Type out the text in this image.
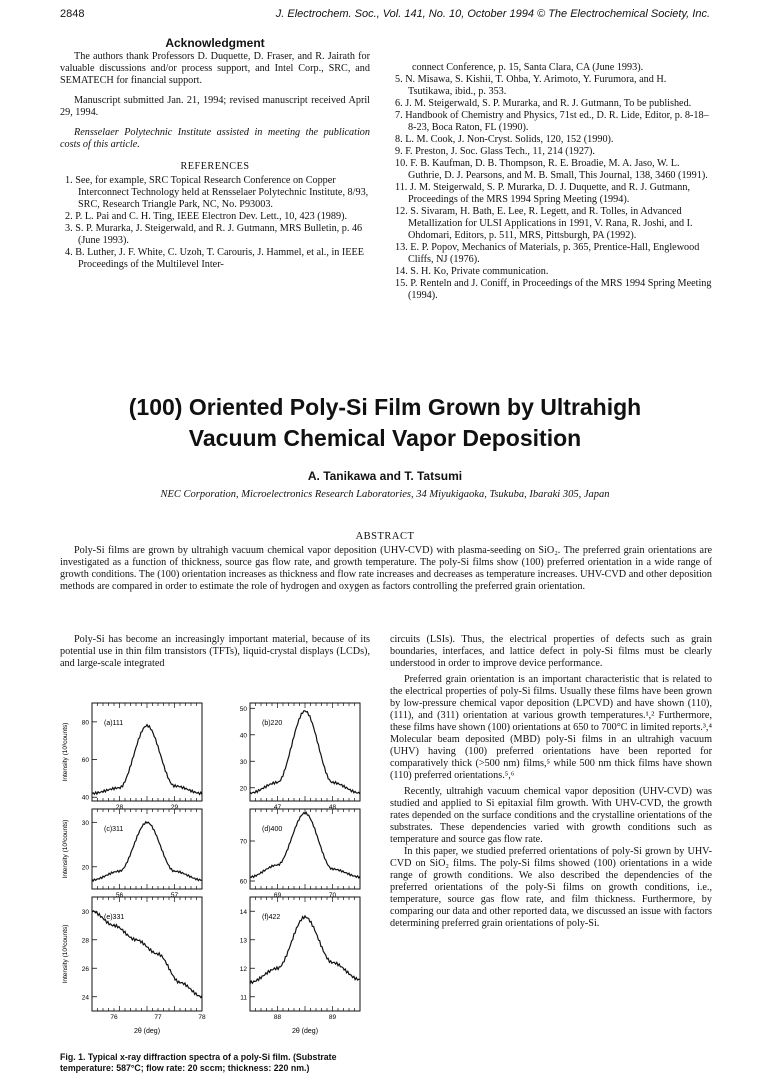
2848	J. Electrochem. Soc., Vol. 141, No. 10, October 1994 © The Electrochemical Society, Inc.
Acknowledgment

The authors thank Professors D. Duquette, D. Fraser, and R. Jairath for valuable discussions and/or process support, and Intel Corp., SRC, and SEMATECH for financial support.

Manuscript submitted Jan. 21, 1994; revised manuscript received April 29, 1994.

Rensselaer Polytechnic Institute assisted in meeting the publication costs of this article.

REFERENCES

1. See, for example, SRC Topical Research Conference on Copper Interconnect Technology held at Rensselaer Polytechnic Institute, 8/93, SRC, Research Triangle Park, NC, No. P93003.

2. P. L. Pai and C. H. Ting, IEEE Electron Dev. Lett., 10, 423 (1989).

3. S. P. Murarka, J. Steigerwald, and R. J. Gutmann, MRS Bulletin, p. 46 (June 1993).

4. B. Luther, J. F. White, C. Uzoh, T. Carouris, J. Hammel, et al., in IEEE Proceedings of the Multilevel Inter-

connect Conference, p. 15, Santa Clara, CA (June 1993).

5. N. Misawa, S. Kishii, T. Ohba, Y. Arimoto, Y. Furumora, and H. Tsutikawa, ibid., p. 353.

6. J. M. Steigerwald, S. P. Murarka, and R. J. Gutmann, To be published.

7. Handbook of Chemistry and Physics, 71st ed., D. R. Lide, Editor, p. 8-18–8-23, Boca Raton, FL (1990).

8. L. M. Cook, J. Non-Cryst. Solids, 120, 152 (1990).

9. F. Preston, J. Soc. Glass Tech., 11, 214 (1927).

10. F. B. Kaufman, D. B. Thompson, R. E. Broadie, M. A. Jaso, W. L. Guthrie, D. J. Pearsons, and M. B. Small, This Journal, 138, 3460 (1991).

11. J. M. Steigerwald, S. P. Murarka, D. J. Duquette, and R. J. Gutmann, Proceedings of the MRS 1994 Spring Meeting (1994).

12. S. Sivaram, H. Bath, E. Lee, R. Legett, and R. Tolles, in Advanced Metallization for ULSI Applications in 1991, V. Rana, R. Joshi, and I. Ohdomari, Editors, p. 511, MRS, Pittsburgh, PA (1992).

13. E. P. Popov, Mechanics of Materials, p. 365, Prentice-Hall, Englewood Cliffs, NJ (1976).

14. S. H. Ko, Private communication.

15. P. Renteln and J. Coniff, in Proceedings of the MRS 1994 Spring Meeting (1994).

(100) Oriented Poly-Si Film Grown by Ultrahigh
Vacuum Chemical Vapor Deposition
A. Tanikawa and T. Tatsumi
NEC Corporation, Microelectronics Research Laboratories, 34 Miyukigaoka, Tsukuba, Ibaraki 305, Japan
ABSTRACT

Poly-Si films are grown by ultrahigh vacuum chemical vapor deposition (UHV-CVD) with plasma-seeding on SiO₂. The preferred grain orientations are investigated as a function of thickness, source gas flow rate, and growth temperature. The poly-Si films show (100) preferred orientation in a wide range of growth conditions. The (100) orientation increases as thickness and flow rate increases and decreases as temperature increases. UHV-CVD and other deposition methods are compared in order to estimate the role of hydrogen and oxygen as factors controlling the preferred grain orientation.

Poly-Si has become an increasingly important material, because of its potential use in thin film transistors (TFTs), liquid-crystal displays (LCDs), and large-scale integrated

(a)111
40
60
80
28	29
Intensity (10³counts)	(b)220
20
30
40
50
47	48
(c)311
20
30
56	57
Intensity (10³counts)	(d)400
60
70
69	70
(e)331
24
26
28
30
76	77	78
Intensity (10³counts)
2θ (deg)
(f)422
11
12
13
14
88	89
2θ (deg)
Fig. 1. Typical x-ray diffraction spectra of a poly-Si film. (Substrate temperature: 587°C; flow rate: 20 sccm; thickness: 220 nm.)

circuits (LSIs). Thus, the electrical properties of defects such as grain boundaries, interfaces, and lattice defect in poly-Si films must be clearly understood in order to improve device performance.

Preferred grain orientation is an important characteristic that is related to the electrical properties of poly-Si films. Usually these films have been grown by low-pressure chemical vapor deposition (LPCVD) and have shown (110), (111), and (311) orientation at various growth temperatures.¹,² Furthermore, these films have shown (100) orientations at 650 to 700°C in limited reports.³,⁴ Molecular beam deposited (MBD) poly-Si films in an ultrahigh vacuum (UHV) having (100) preferred orientations have been reported for comparatively thick (>500 nm) films,⁵ while 500 nm thick films have shown (110) preferred orientations.⁵,⁶

Recently, ultrahigh vacuum chemical vapor deposition (UHV-CVD) was studied and applied to Si epitaxial film growth. With UHV-CVD, the growth rates depended on the surface conditions and the crystalline orientations of the substrates. These dependencies varied with growth conditions such as temperature and source gas flow rate.

In this paper, we studied preferred orientations of poly-Si grown by UHV-CVD on SiO₂ films. The poly-Si films showed (100) orientations in a wide range of growth conditions. We also described the dependencies of the preferred orientations of the poly-Si films on growth conditions, i.e., temperature, source gas flow rate, and film thickness. Furthermore, by comparing our data and other reported data, we discussed an issue with factors determining preferred grain orientations of poly-Si.
